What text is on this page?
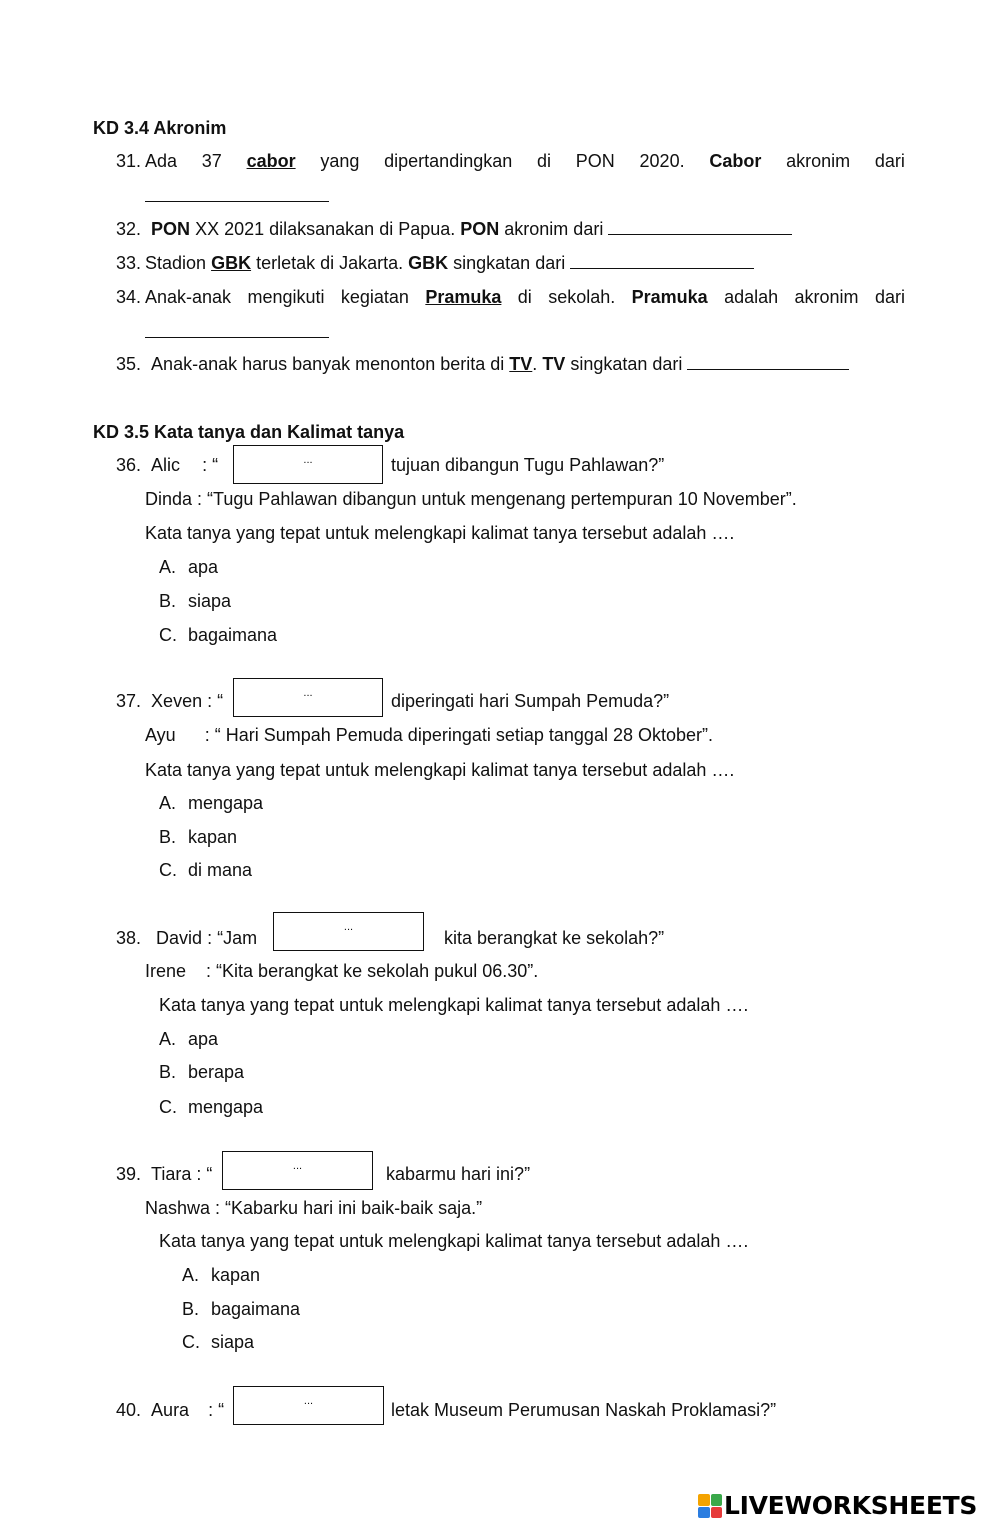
KD 3.4 Akronim
31. Ada 37 cabor yang dipertandingkan di PON 2020. Cabor akronim dari
32. PON XX 2021 dilaksanakan di Papua. PON akronim dari
33. Stadion GBK terletak di Jakarta. GBK singkatan dari
34. Anak-anak mengikuti kegiatan Pramuka di sekolah. Pramuka adalah akronim dari
35. Anak-anak harus banyak menonton berita di TV. TV singkatan dari
KD 3.5 Kata tanya dan Kalimat tanya
36. Alic : “	...	tujuan dibangun Tugu Pahlawan?”
Dinda : “Tugu Pahlawan dibangun untuk mengenang pertempuran 10 November”.
Kata tanya yang tepat untuk melengkapi kalimat tanya tersebut adalah ….
A. apa
B. siapa
C. bagaimana
37. Xeven : “	...	diperingati hari Sumpah Pemuda?”
Ayu : “ Hari Sumpah Pemuda diperingati setiap tanggal 28 Oktober”.
Kata tanya yang tepat untuk melengkapi kalimat tanya tersebut adalah ….
A. mengapa
B. kapan
C. di mana
38. David : “Jam
...
kita berangkat ke sekolah?”
Irene : “Kita berangkat ke sekolah pukul 06.30”.
Kata tanya yang tepat untuk melengkapi kalimat tanya tersebut adalah ….
A. apa
B. berapa
C. mengapa
39. Tiara : “	...	kabarmu hari ini?”
Nashwa : “Kabarku hari ini baik-baik saja.”
Kata tanya yang tepat untuk melengkapi kalimat tanya tersebut adalah ….
A. kapan
B. bagaimana
C. siapa
40. Aura : “	...	letak Museum Perumusan Naskah Proklamasi?”
LIVEWORKSHEETS
